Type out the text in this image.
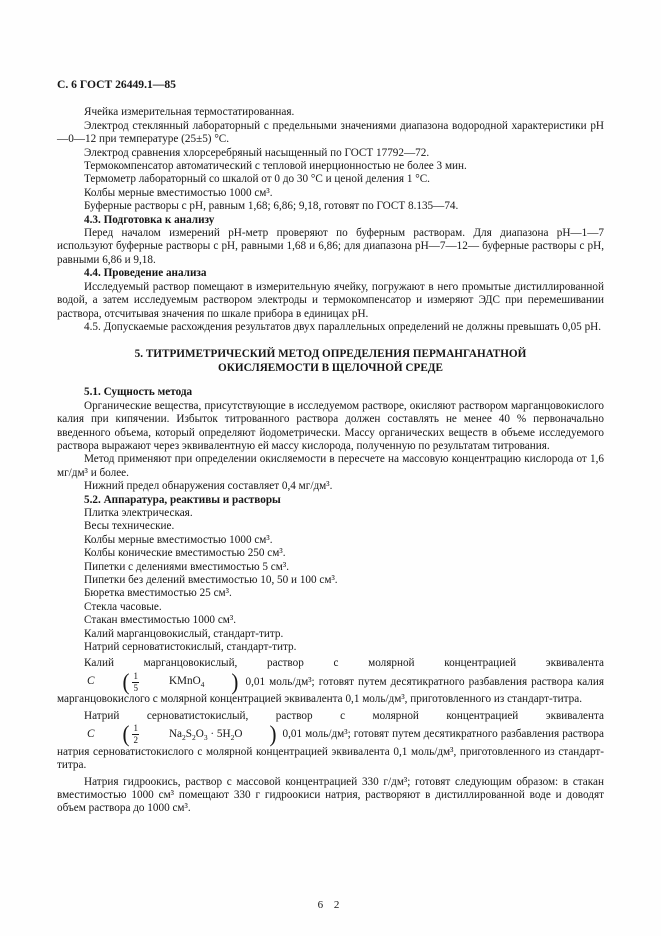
С. 6 ГОСТ 26449.1—85

Ячейка измерительная термостатированная.

Электрод стеклянный лабораторный с предельными значениями диапазона водородной характеристики рН—0—12 при температуре (25±5) °С.

Электрод сравнения хлорсеребряный насыщенный по ГОСТ 17792—72.

Термокомпенсатор автоматический с тепловой инерционностью не более 3 мин.

Термометр лабораторный со шкалой от 0 до 30 °С и ценой деления 1 °С.

Колбы мерные вместимостью 1000 см³.

Буферные растворы с рН, равным 1,68; 6,86; 9,18, готовят по ГОСТ 8.135—74.

4.3. Подготовка к анализу

Перед началом измерений рН-метр проверяют по буферным растворам. Для диапазона рН—1—7 используют буферные растворы с рН, равными 1,68 и 6,86; для диапазона рН—7—12— буферные растворы с рН, равными 6,86 и 9,18.

4.4. Проведение анализа

Исследуемый раствор помещают в измерительную ячейку, погружают в него промытые дистиллированной водой, а затем исследуемым раствором электроды и термокомпенсатор и измеряют ЭДС при перемешивании раствора, отсчитывая значения по шкале прибора в единицах рН.

4.5. Допускаемые расхождения результатов двух параллельных определений не должны превышать 0,05 рН.

5. ТИТРИМЕТРИЧЕСКИЙ МЕТОД ОПРЕДЕЛЕНИЯ ПЕРМАНГАНАТНОЙ ОКИСЛЯЕМОСТИ В ЩЕЛОЧНОЙ СРЕДЕ

5.1. Сущность метода

Органические вещества, присутствующие в исследуемом растворе, окисляют раствором марганцовокислого калия при кипячении. Избыток титрованного раствора должен составлять не менее 40 % первоначально введенного объема, который определяют йодометрически. Массу органических веществ в объеме исследуемого раствора выражают через эквивалентную ей массу кислорода, полученную по результатам титрования.

Метод применяют при определении окисляемости в пересчете на массовую концентрацию кислорода от 1,6 мг/дм³ и более.

Нижний предел обнаружения составляет 0,4 мг/дм³.

5.2. Аппаратура, реактивы и растворы

Плитка электрическая.

Весы технические.

Колбы мерные вместимостью 1000 см³.

Колбы конические вместимостью 250 см³.

Пипетки с делениями вместимостью 5 см³.

Пипетки без делений вместимостью 10, 50 и 100 см³.

Бюретка вместимостью 25 см³.

Стекла часовые.

Стакан вместимостью 1000 см³.

Калий марганцовокислый, стандарт-титр.

Натрий серноватистокислый, стандарт-титр.

Калий марганцовокислый, раствор с молярной концентрацией эквивалента
C	( $\frac{1}{5}$	KMnO$_4$	) 0,01 моль/дм³; готовят путем десятикратного разбавления раствора калия марганцовокислого с молярной концентрацией эквивалента 0,1 моль/дм³, приготовленного из стандарт-титра.

Натрий серноватистокислый, раствор с молярной концентрацией эквивалента
C	( $\frac{1}{2}$	$Na_2S_2O_3 \cdot 5H_2O$	) 0,01 моль/дм³; готовят путем десятикратного разбавления раствора натрия серноватистокислого с молярной концентрацией эквивалента 0,1 моль/дм³, приготовленного из стандарт-титра.

Натрия гидроокись, раствор с массовой концентрацией 330 г/дм³; готовят следующим образом: в стакан вместимостью 1000 см³ помещают 330 г гидроокиси натрия, растворяют в дистиллированной воде и доводят объем раствора до 1000 см³.

6 2
